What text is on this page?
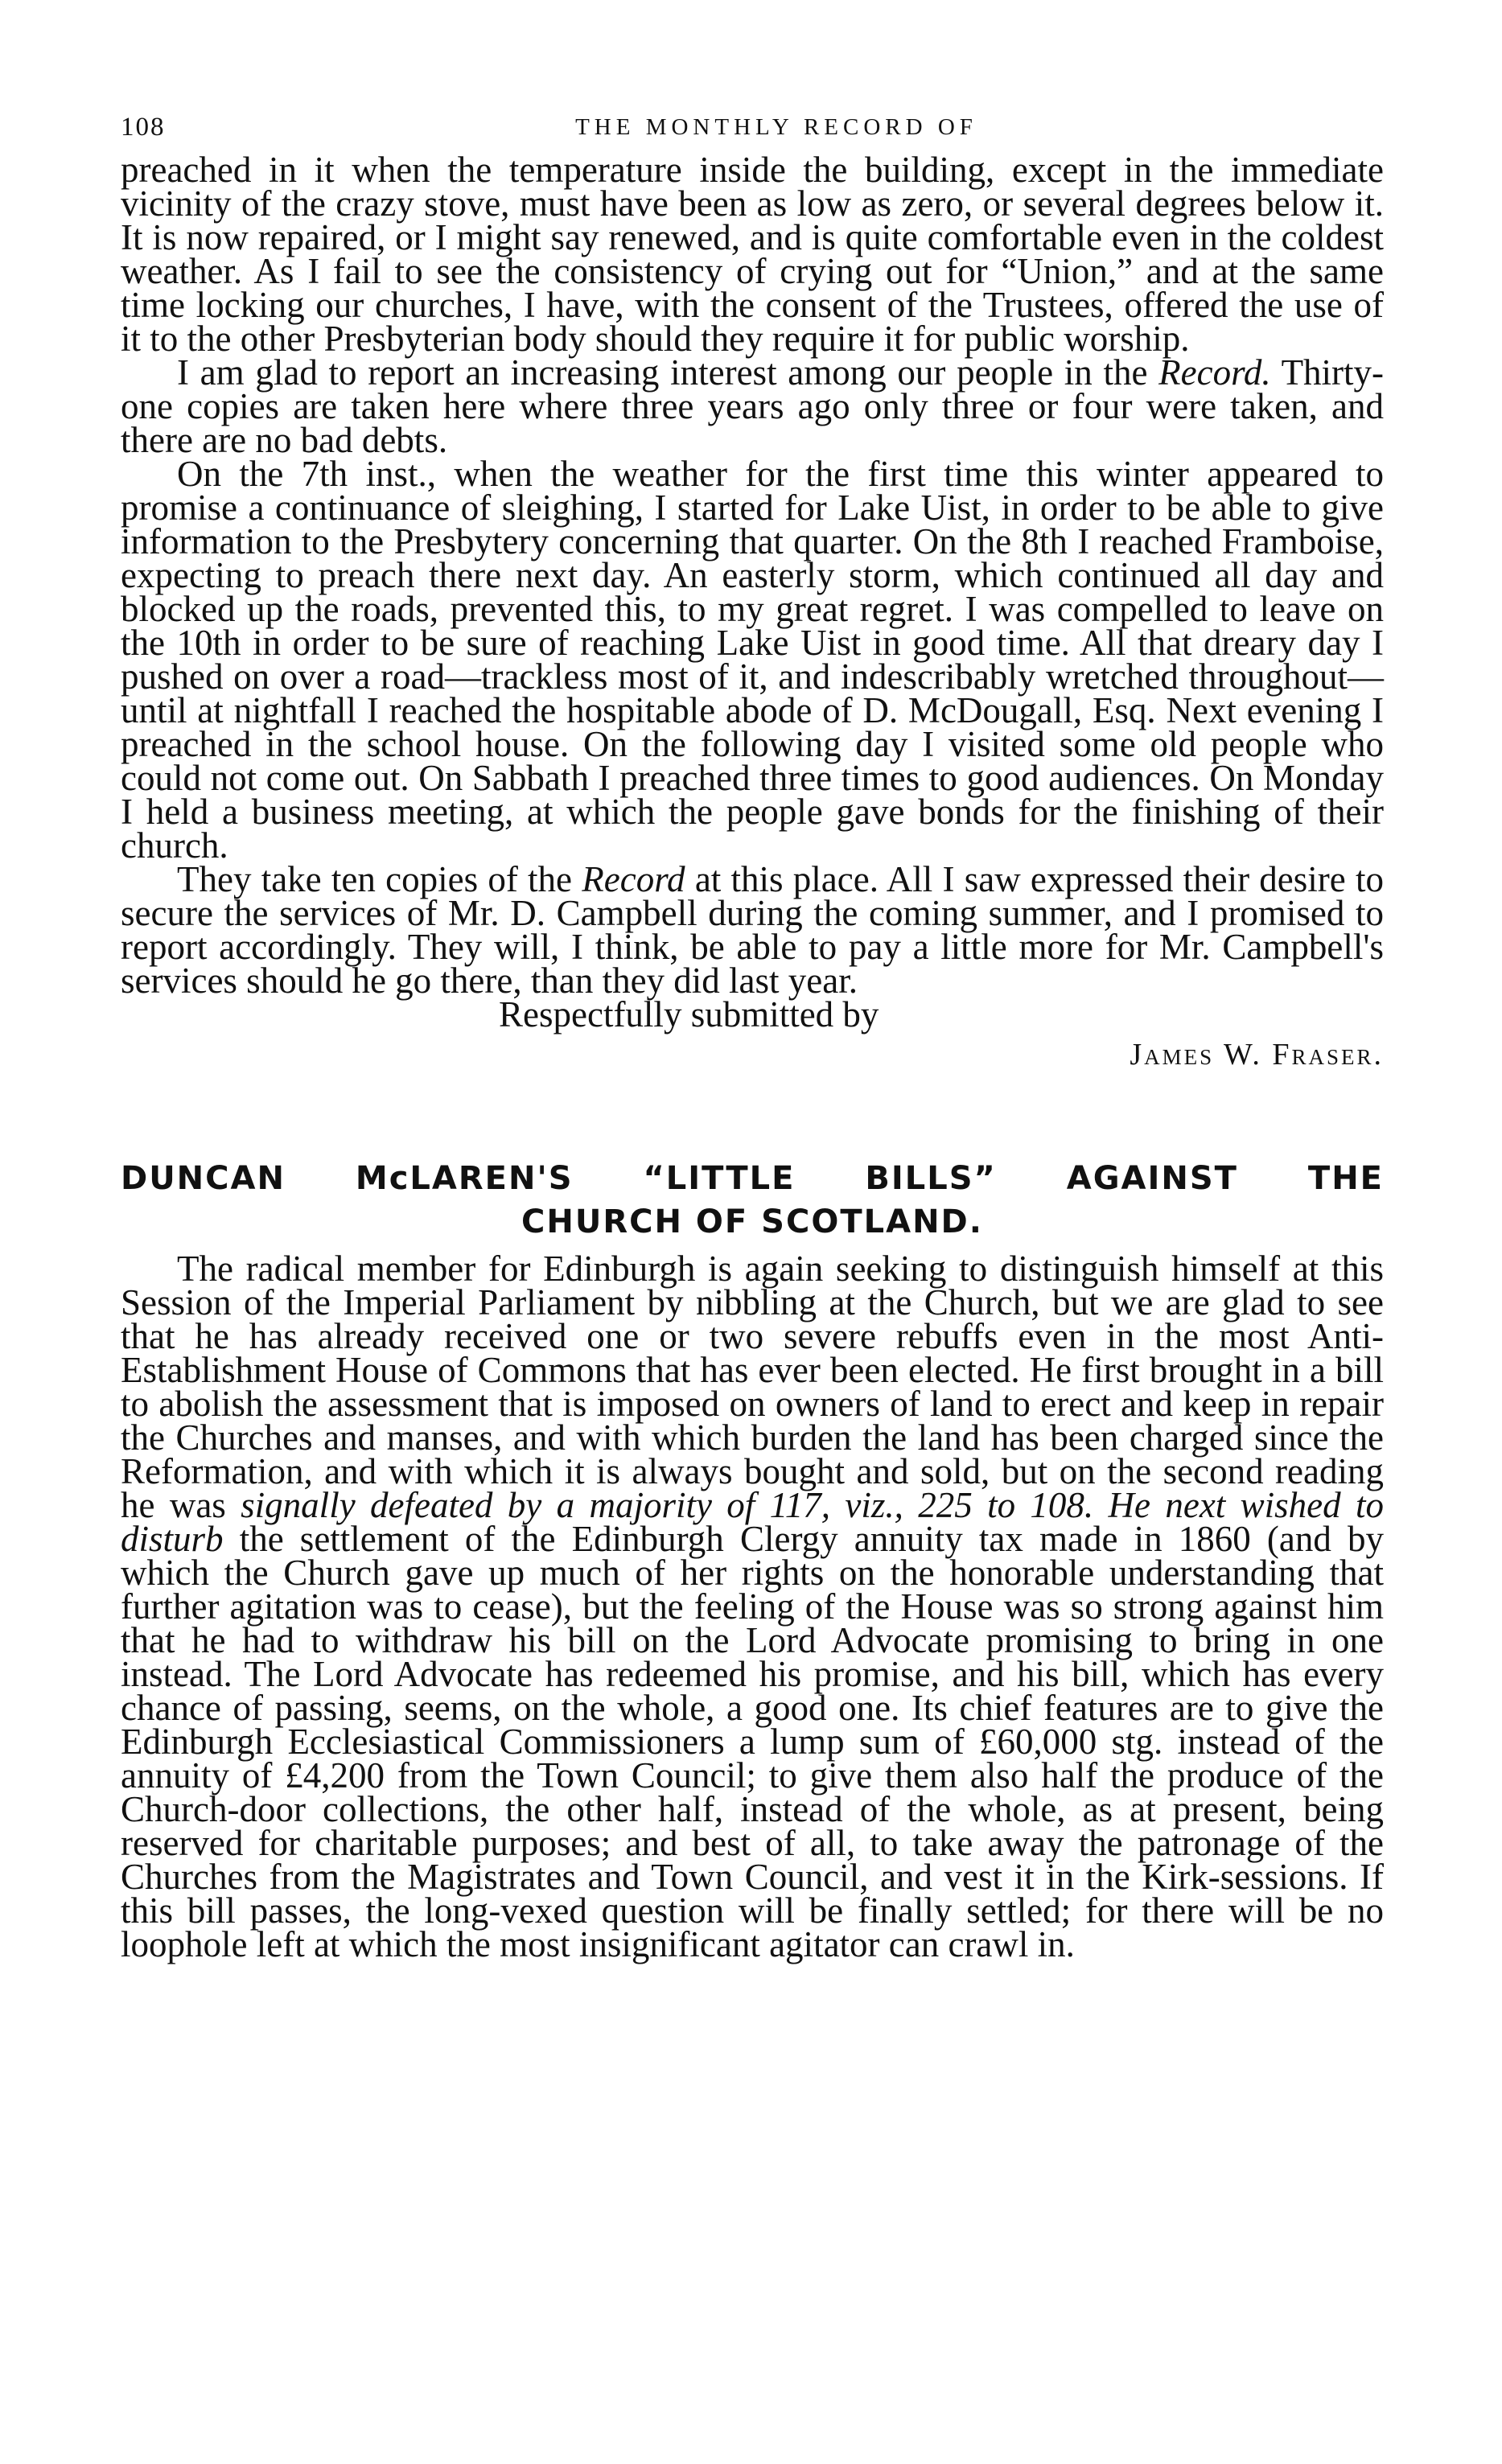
108	THE MONTHLY RECORD OF

preached in it when the temperature inside the building, except in the immediate vicinity of the crazy stove, must have been as low as zero, or several degrees below it. It is now repaired, or I might say renewed, and is quite comfortable even in the coldest weather. As I fail to see the consistency of crying out for “Union,” and at the same time locking our churches, I have, with the consent of the Trustees, offered the use of it to the other Presbyterian body should they require it for public worship.

I am glad to report an increasing interest among our people in the Record. Thirty-one copies are taken here where three years ago only three or four were taken, and there are no bad debts.

On the 7th inst., when the weather for the first time this winter appeared to promise a continuance of sleighing, I started for Lake Uist, in order to be able to give information to the Presbytery concerning that quarter. On the 8th I reached Framboise, expecting to preach there next day. An easterly storm, which continued all day and blocked up the roads, prevented this, to my great regret. I was compelled to leave on the 10th in order to be sure of reaching Lake Uist in good time. All that dreary day I pushed on over a road—trackless most of it, and indescribably wretched throughout—until at nightfall I reached the hospitable abode of D. McDougall, Esq. Next evening I preached in the school house. On the following day I visited some old people who could not come out. On Sabbath I preached three times to good audiences. On Monday I held a business meeting, at which the people gave bonds for the finishing of their church.

They take ten copies of the Record at this place. All I saw expressed their desire to secure the services of Mr. D. Campbell during the coming summer, and I promised to report accordingly. They will, I think, be able to pay a little more for Mr. Campbell's services should he go there, than they did last year.

Respectfully submitted by
James W. Fraser.
DUNCAN McLAREN'S “LITTLE BILLS” AGAINST THE
CHURCH OF SCOTLAND.

The radical member for Edinburgh is again seeking to distinguish himself at this Session of the Imperial Parliament by nibbling at the Church, but we are glad to see that he has already received one or two severe rebuffs even in the most Anti-Establishment House of Commons that has ever been elected. He first brought in a bill to abolish the assessment that is imposed on owners of land to erect and keep in repair the Churches and manses, and with which burden the land has been charged since the Reformation, and with which it is always bought and sold, but on the second reading he was signally defeated by a majority of 117, viz., 225 to 108. He next wished to disturb the settlement of the Edinburgh Clergy annuity tax made in 1860 (and by which the Church gave up much of her rights on the honorable understanding that further agitation was to cease), but the feeling of the House was so strong against him that he had to withdraw his bill on the Lord Advocate promising to bring in one instead. The Lord Advocate has redeemed his promise, and his bill, which has every chance of passing, seems, on the whole, a good one. Its chief features are to give the Edinburgh Ecclesiastical Commissioners a lump sum of £60,000 stg. instead of the annuity of £4,200 from the Town Council; to give them also half the produce of the Church-door collections, the other half, instead of the whole, as at present, being reserved for charitable purposes; and best of all, to take away the patronage of the Churches from the Magistrates and Town Council, and vest it in the Kirk-sessions. If this bill passes, the long-vexed question will be finally settled; for there will be no loophole left at which the most insignificant agitator can crawl in.
